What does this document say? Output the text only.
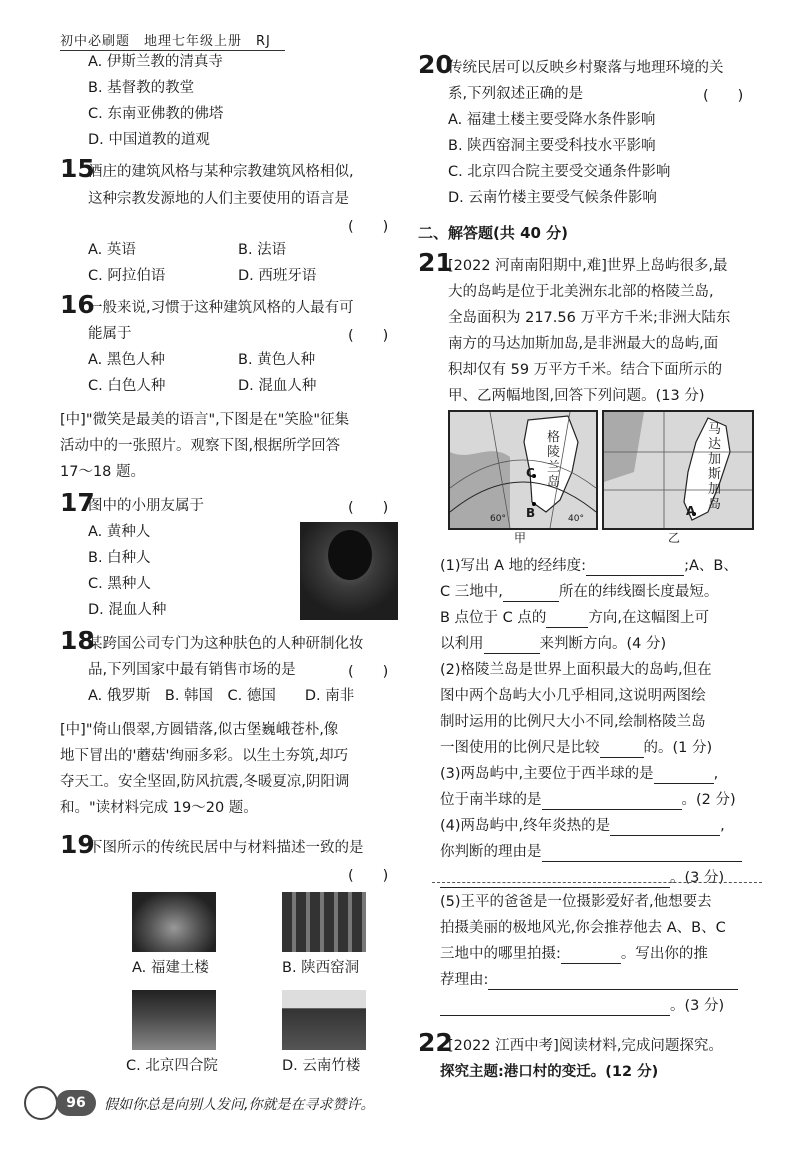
初中必刷题　地理七年级上册　RJ
A. 伊斯兰教的清真寺
B. 基督教的教堂
C. 东南亚佛教的佛塔
D. 中国道教的道观
15
酒庄的建筑风格与某种宗教建筑风格相似,
这种宗教发源地的人们主要使用的语言是
(　　)
A. 英语	B. 法语
C. 阿拉伯语	D. 西班牙语
16
一般来说,习惯于这种建筑风格的人最有可
能属于	(　　)
A. 黑色人种	B. 黄色人种
C. 白色人种	D. 混血人种
[中]"微笑是最美的语言",下图是在"笑脸"征集
活动中的一张照片。观察下图,根据所学回答
17～18 题。
17
图中的小朋友属于	(　　)
A. 黄种人
B. 白种人
C. 黑种人
D. 混血人种
18
某跨国公司专门为这种肤色的人种研制化妆
品,下列国家中最有销售市场的是	(　　)
A. 俄罗斯　B. 韩国　C. 德国　　D. 南非
[中]"倚山偎翠,方圆错落,似古堡巍峨苍朴,像
地下冒出的'蘑菇'绚丽多彩。以生土夯筑,却巧
夺天工。安全坚固,防风抗震,冬暖夏凉,阴阳调
和。"读材料完成 19～20 题。
19
下图所示的传统民居中与材料描述一致的是
(　　)
A. 福建土楼	B. 陕西窑洞
C. 北京四合院	D. 云南竹楼
20
传统民居可以反映乡村聚落与地理环境的关
系,下列叙述正确的是	(　　)
A. 福建土楼主要受降水条件影响
B. 陕西窑洞主要受科技水平影响
C. 北京四合院主要受交通条件影响
D. 云南竹楼主要受气候条件影响
二、解答题(共 40 分)
21
[2022 河南南阳期中,难]世界上岛屿很多,最
大的岛屿是位于北美洲东北部的格陵兰岛,
全岛面积为 217.56 万平方千米;非洲大陆东
南方的马达加斯加岛,是非洲最大的岛屿,面
积却仅有 59 万平方千米。结合下面所示的
甲、乙两幅地图,回答下列问题。(13 分)
格陵兰岛
C
B
60°	40°
甲
马达加斯加岛
A
乙
(1)写出 A 地的经纬度:	;A、B、
C 三地中,	所在的纬线圈长度最短。
B 点位于 C 点的	方向,在这幅图上可
以利用	来判断方向。(4 分)
(2)格陵兰岛是世界上面积最大的岛屿,但在
图中两个岛屿大小几乎相同,这说明两图绘
制时运用的比例尺大小不同,绘制格陵兰岛
一图使用的比例尺是比较	的。(1 分)
(3)两岛屿中,主要位于西半球的是	,
位于南半球的是	。(2 分)
(4)两岛屿中,终年炎热的是	,
你判断的理由是
。(3 分)
(5)王平的爸爸是一位摄影爱好者,他想要去
拍摄美丽的极地风光,你会推荐他去 A、B、C
三地中的哪里拍摄:	。写出你的推
荐理由:
。(3 分)
22
[2022 江西中考]阅读材料,完成问题探究。
探究主题:港口村的变迁。(12 分)
96	假如你总是向别人发问,你就是在寻求赞许。
